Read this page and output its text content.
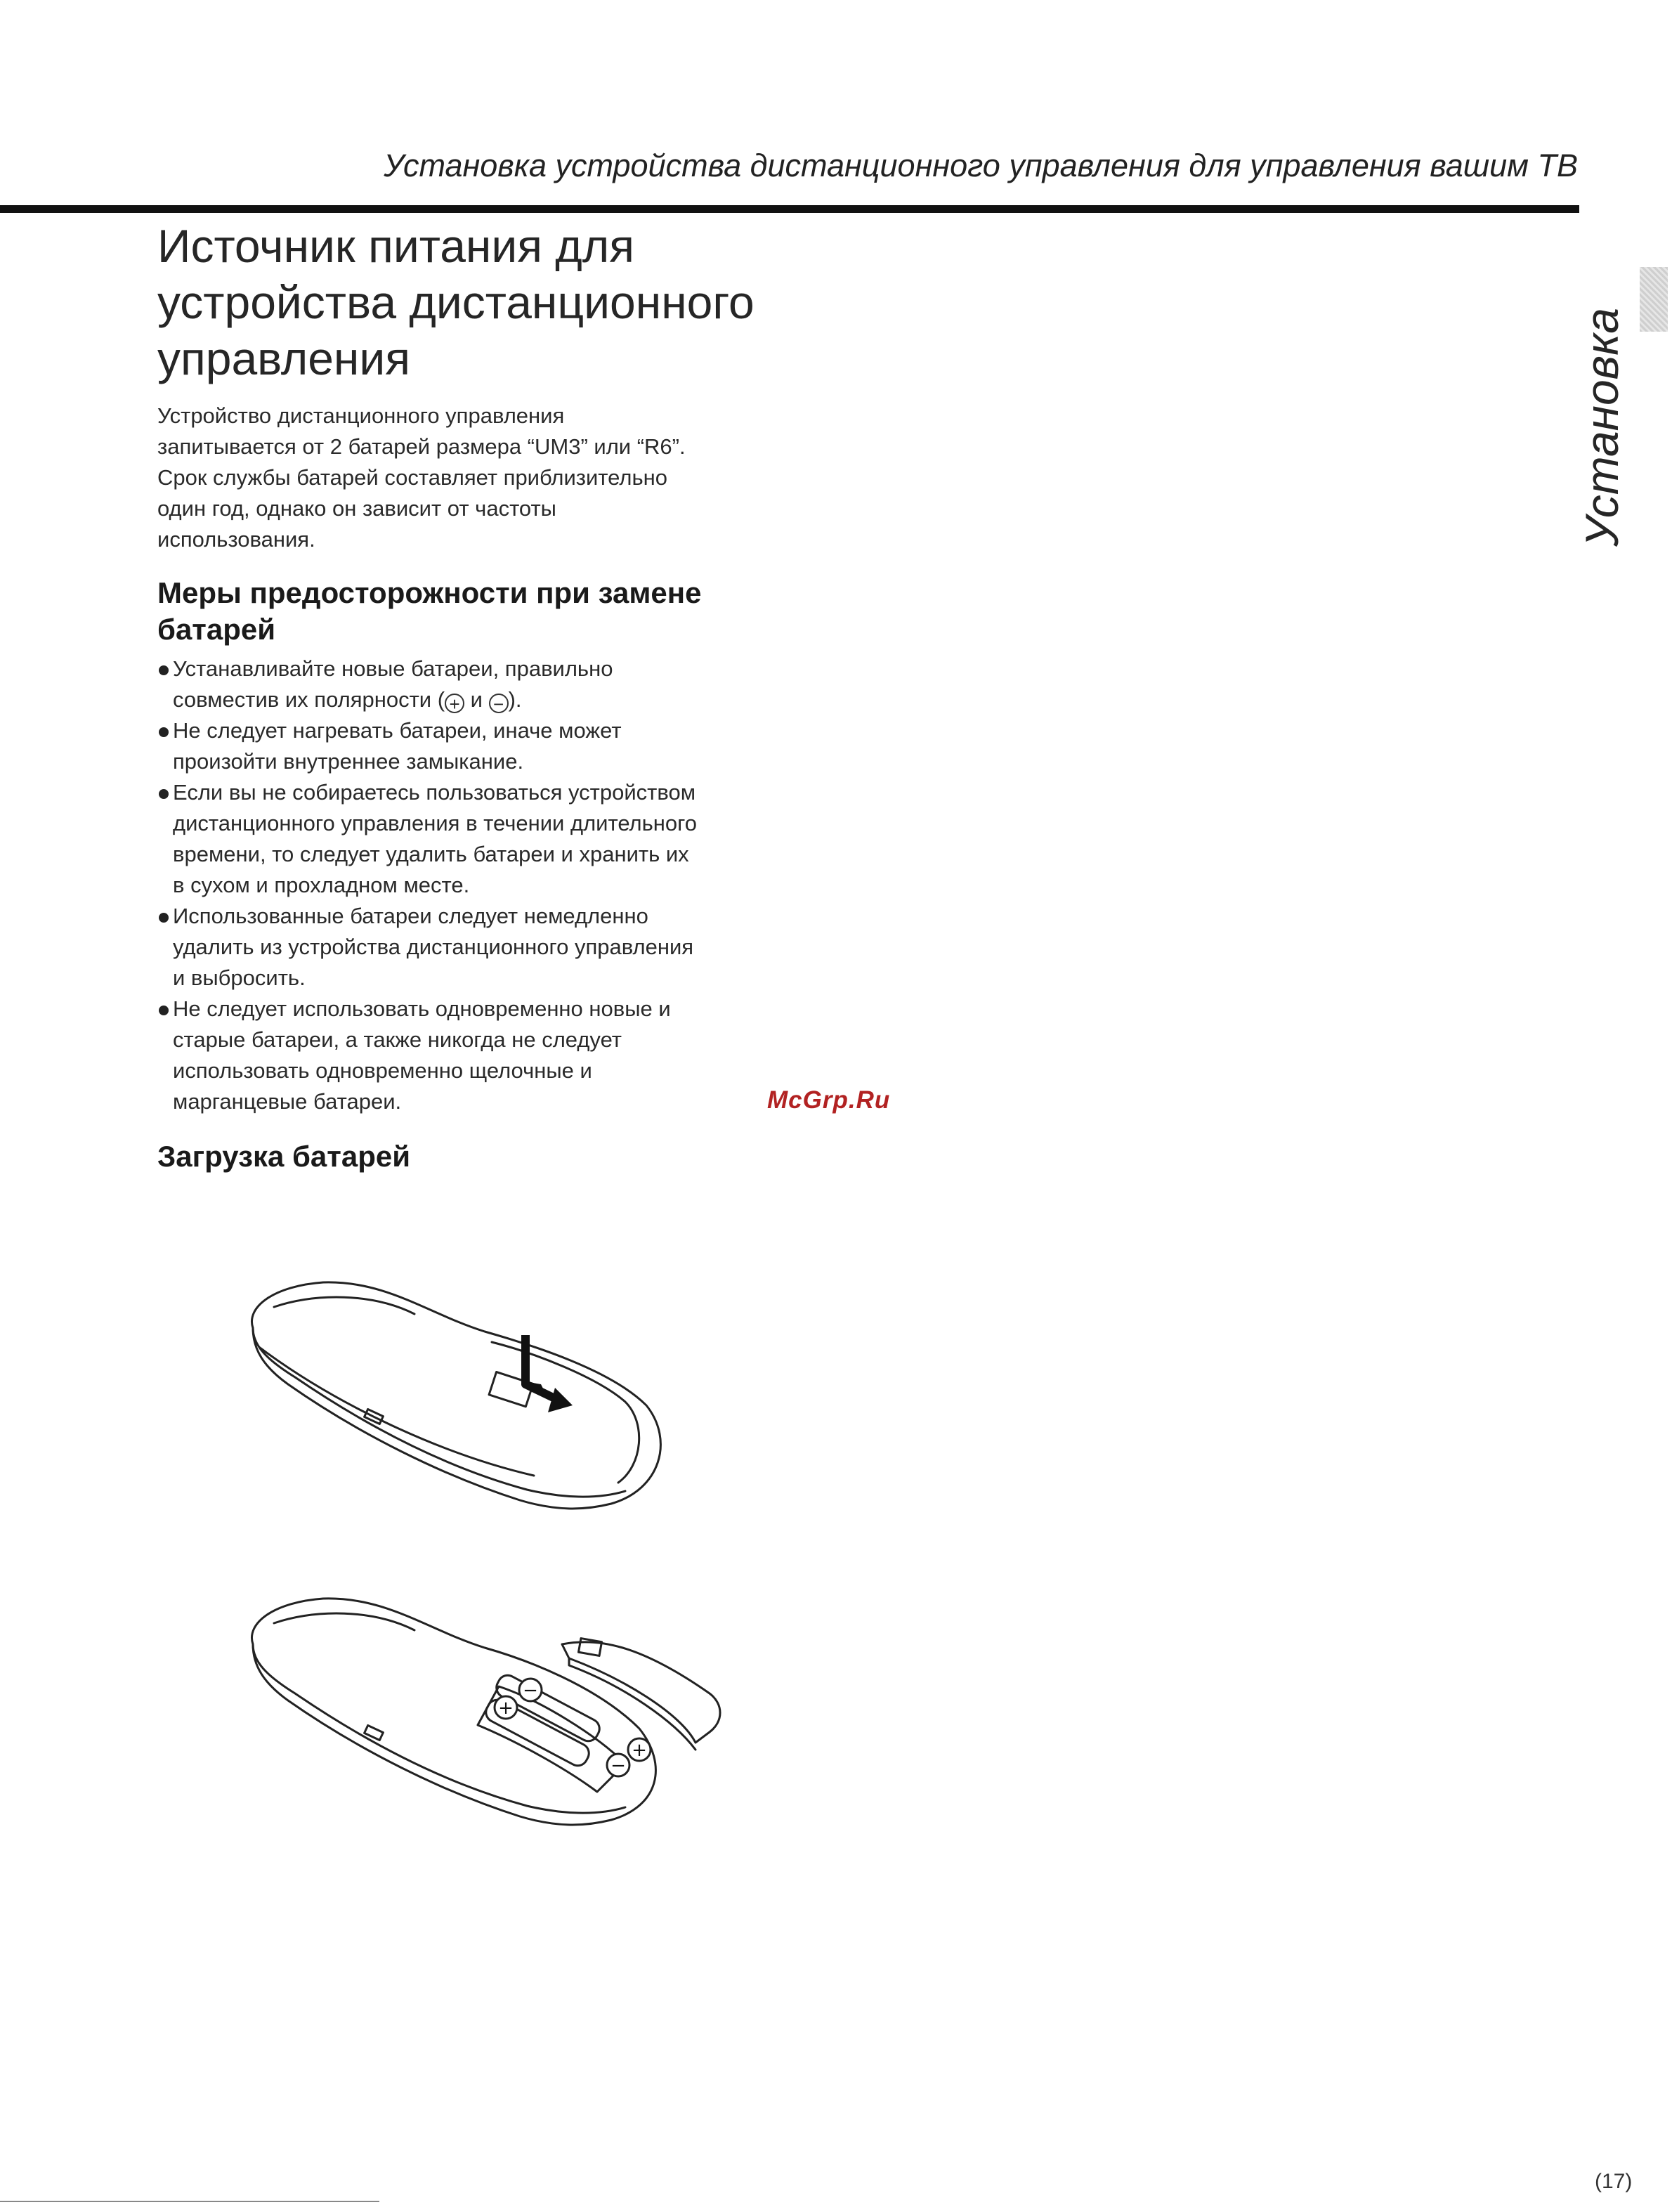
Установка устройства дистанционного управления для управления вашим ТВ
Установка
Источник питания для
устройства дистанционного
управления
Устройство дистанционного управления
запитывается от 2 батарей размера “UM3” или “R6”.
Срок службы батарей составляет приблизительно
один год, однако он зависит от частоты
использования.
Меры предосторожности при замене
батарей
Устанавливайте новые батареи, правильно
совместив их полярности ( + и − ).
Не следует нагревать батареи, иначе может
произойти внутреннее замыкание.
Если вы не собираетесь пользоваться устройством
дистанционного управления в течении длительного
времени, то следует удалить батареи и хранить их
в сухом и прохладном месте.
Использованные батареи следует немедленно
удалить из устройства дистанционного управления
и выбросить.
Не следует использовать одновременно новые и
старые батареи, а также никогда не следует
использовать одновременно щелочные и
марганцевые батареи.	McGrp.Ru
Загрузка батарей
−
+
−
+
(17)
